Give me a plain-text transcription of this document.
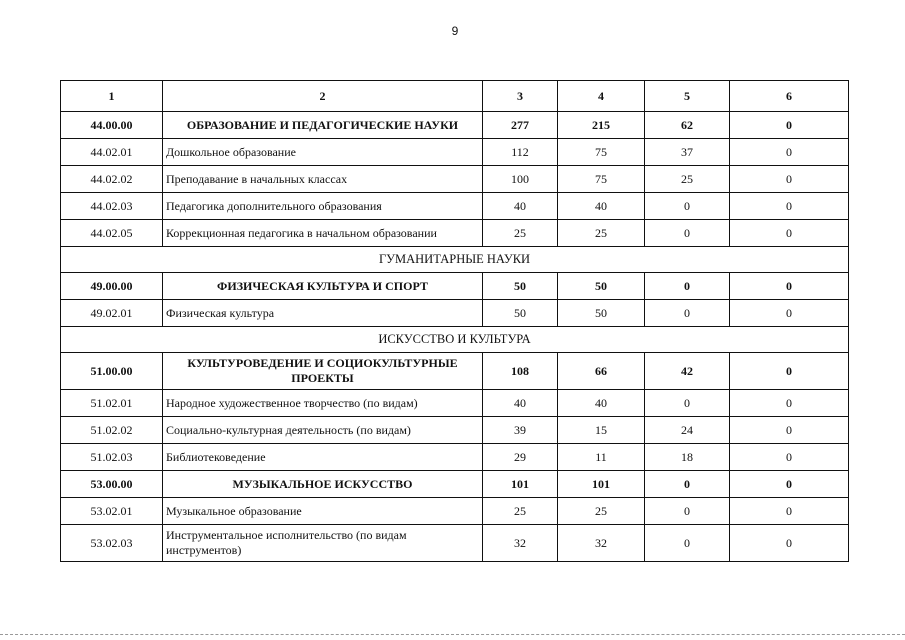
9
1	2	3	4	5	6
44.00.00	ОБРАЗОВАНИЕ И ПЕДАГОГИЧЕСКИЕ НАУКИ	277	215	62	0
44.02.01	Дошкольное образование	112	75	37	0
44.02.02	Преподавание в начальных классах	100	75	25	0
44.02.03	Педагогика дополнительного образования	40	40	0	0
44.02.05	Коррекционная педагогика в начальном образовании	25	25	0	0
ГУМАНИТАРНЫЕ НАУКИ					
49.00.00	ФИЗИЧЕСКАЯ КУЛЬТУРА И СПОРТ	50	50	0	0
49.02.01	Физическая культура	50	50	0	0
ИСКУССТВО И КУЛЬТУРА					
51.00.00	КУЛЬТУРОВЕДЕНИЕ И СОЦИОКУЛЬТУРНЫЕ ПРОЕКТЫ	108	66	42	0
51.02.01	Народное художественное творчество (по видам)	40	40	0	0
51.02.02	Социально-культурная деятельность (по видам)	39	15	24	0
51.02.03	Библиотековедение	29	11	18	0
53.00.00	МУЗЫКАЛЬНОЕ ИСКУССТВО	101	101	0	0
53.02.01	Музыкальное образование	25	25	0	0
53.02.03	Инструментальное исполнительство (по видам инструментов)	32	32	0	0
